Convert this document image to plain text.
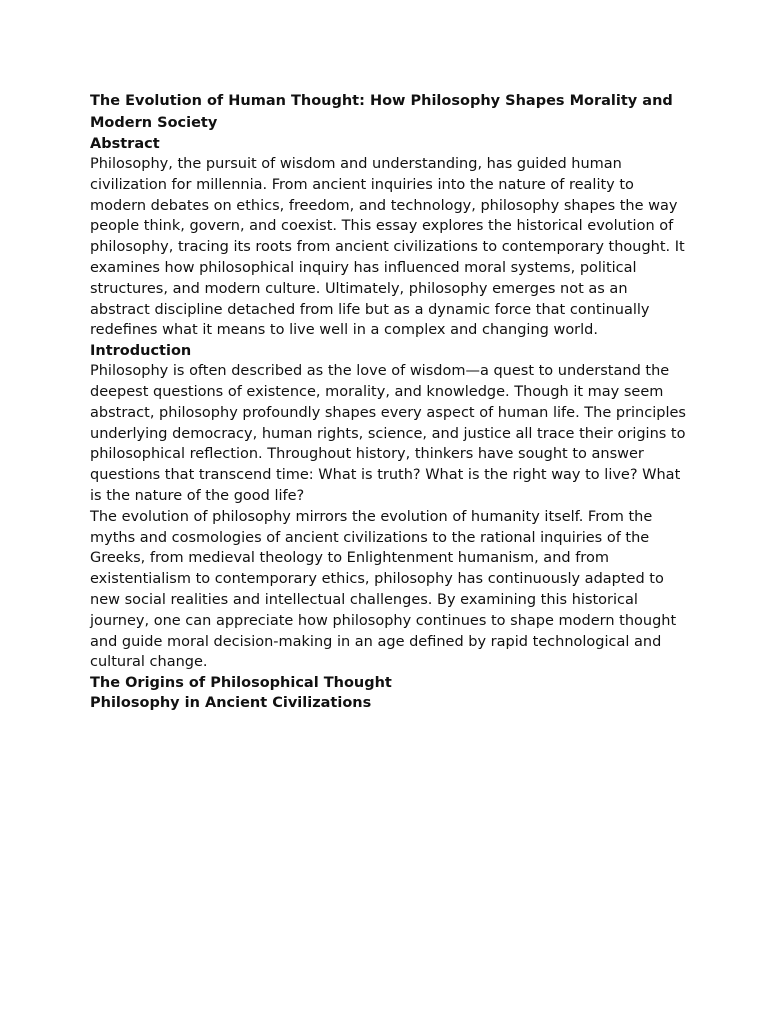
The Evolution of Human Thought: How Philosophy Shapes Morality and Modern Society
Abstract

Philosophy, the pursuit of wisdom and understanding, has guided human civilization for millennia. From ancient inquiries into the nature of reality to modern debates on ethics, freedom, and technology, philosophy shapes the way people think, govern, and coexist. This essay explores the historical evolution of philosophy, tracing its roots from ancient civilizations to contemporary thought. It examines how philosophical inquiry has influenced moral systems, political structures, and modern culture. Ultimately, philosophy emerges not as an abstract discipline detached from life but as a dynamic force that continually redefines what it means to live well in a complex and changing world.

Introduction

Philosophy is often described as the love of wisdom—a quest to understand the deepest questions of existence, morality, and knowledge. Though it may seem abstract, philosophy profoundly shapes every aspect of human life. The principles underlying democracy, human rights, science, and justice all trace their origins to philosophical reflection. Throughout history, thinkers have sought to answer questions that transcend time: What is truth? What is the right way to live? What is the nature of the good life?

The evolution of philosophy mirrors the evolution of humanity itself. From the myths and cosmologies of ancient civilizations to the rational inquiries of the Greeks, from medieval theology to Enlightenment humanism, and from existentialism to contemporary ethics, philosophy has continuously adapted to new social realities and intellectual challenges. By examining this historical journey, one can appreciate how philosophy continues to shape modern thought and guide moral decision-making in an age defined by rapid technological and cultural change.

The Origins of Philosophical Thought
Philosophy in Ancient Civilizations
